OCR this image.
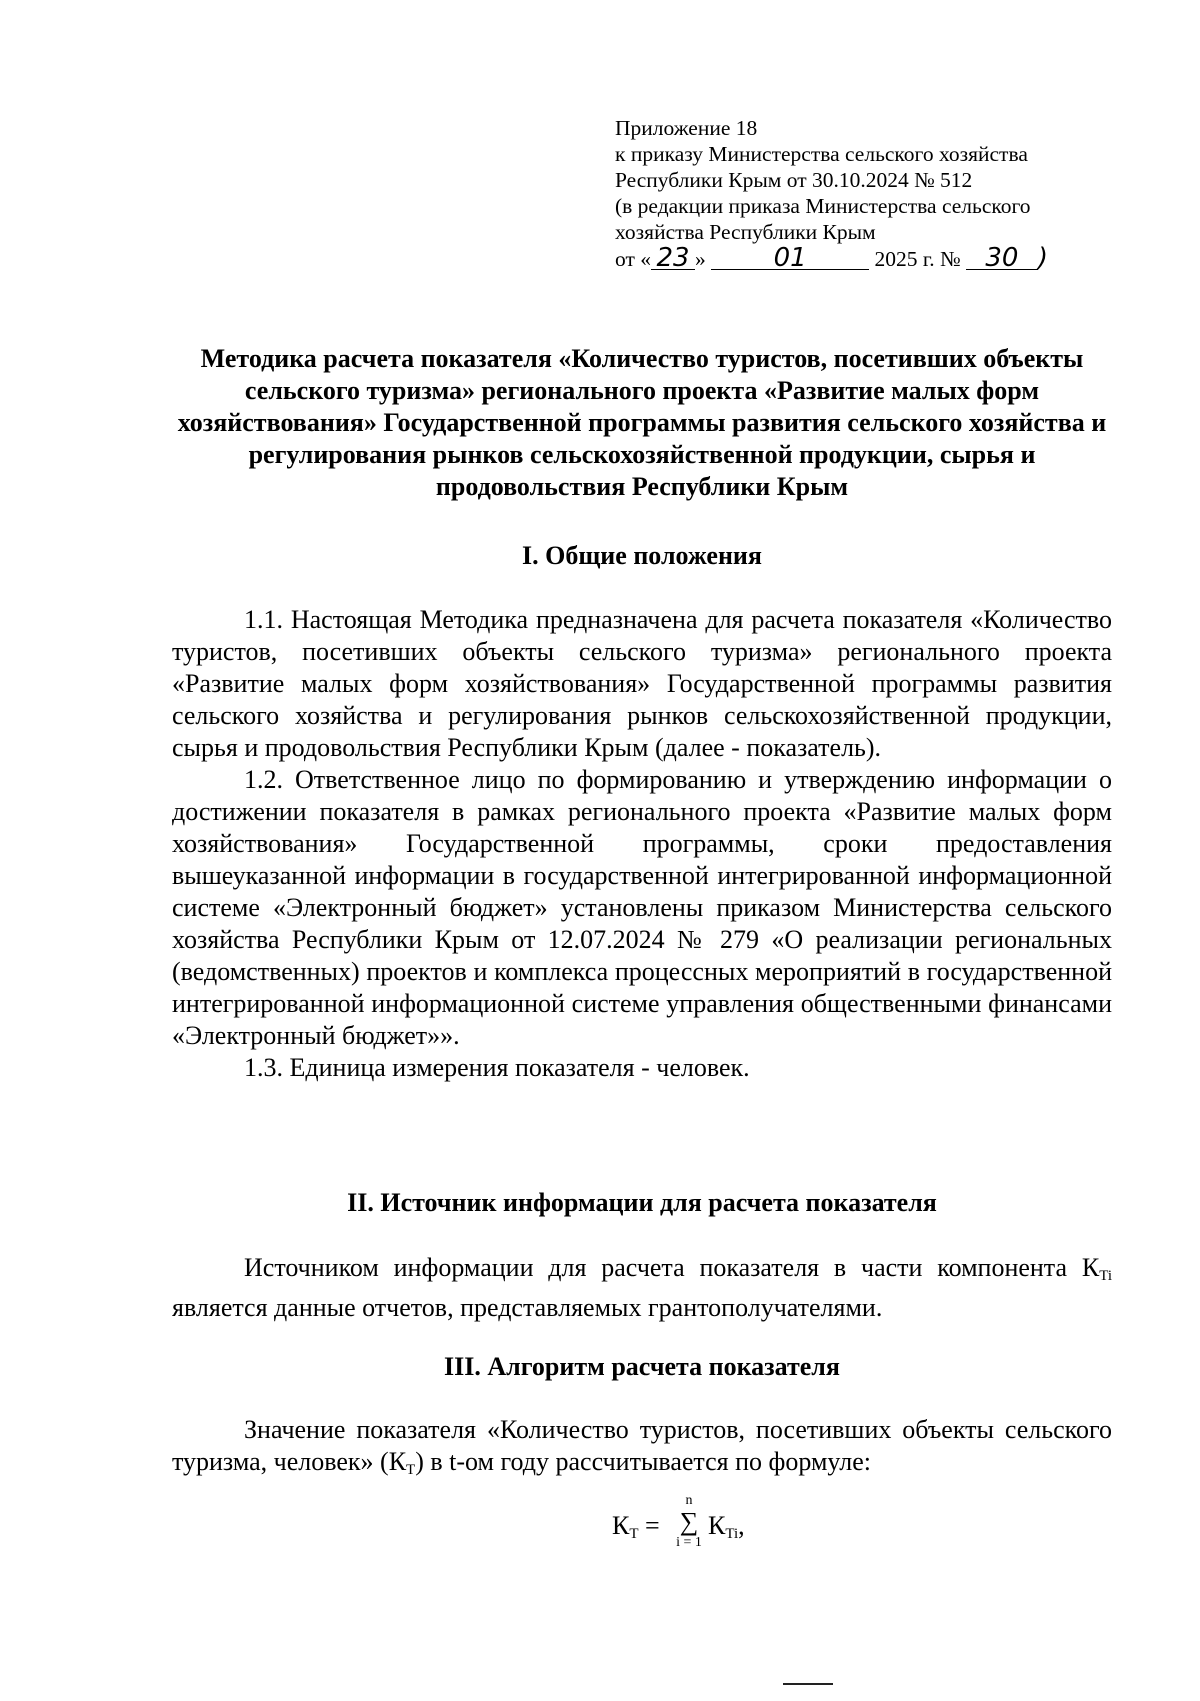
Приложение 18
к приказу Министерства сельского хозяйства
Республики Крым от 30.10.2024 № 512
(в редакции приказа Министерства сельского
хозяйства Республики Крым
от « 23 »	01	2025 г. № 30 )
Методика расчета показателя «Количество туристов, посетивших объекты сельского туризма» регионального проекта «Развитие малых форм хозяйствования» Государственной программы развития сельского хозяйства и регулирования рынков сельскохозяйственной продукции, сырья и продовольствия Республики Крым
I. Общие положения

1.1. Настоящая Методика предназначена для расчета показателя «Количество туристов, посетивших объекты сельского туризма» регионального проекта «Развитие малых форм хозяйствования» Государственной программы развития сельского хозяйства и регулирования рынков сельскохозяйственной продукции, сырья и продовольствия Республики Крым (далее - показатель).

1.2. Ответственное лицо по формированию и утверждению информации о достижении показателя в рамках регионального проекта «Развитие малых форм хозяйствования» Государственной программы, сроки предоставления вышеуказанной информации в государственной интегрированной информационной системе «Электронный бюджет» установлены приказом Министерства сельского хозяйства Республики Крым от 12.07.2024 № 279 «О реализации региональных (ведомственных) проектов и комплекса процессных мероприятий в государственной интегрированной информационной системе управления общественными финансами «Электронный бюджет»».

1.3. Единица измерения показателя - человек.

II. Источник информации для расчета показателя

Источником информации для расчета показателя в части компонента $К_{Ti}$ является данные отчетов, представляемых грантополучателями.

III. Алгоритм расчета показателя

Значение показателя «Количество туристов, посетивших объекты сельского туризма, человек» $(К_T)$ в t-ом году рассчитывается по формуле:

$К_T$ =
n
∑
i = 1
$К_{Ti}$,
